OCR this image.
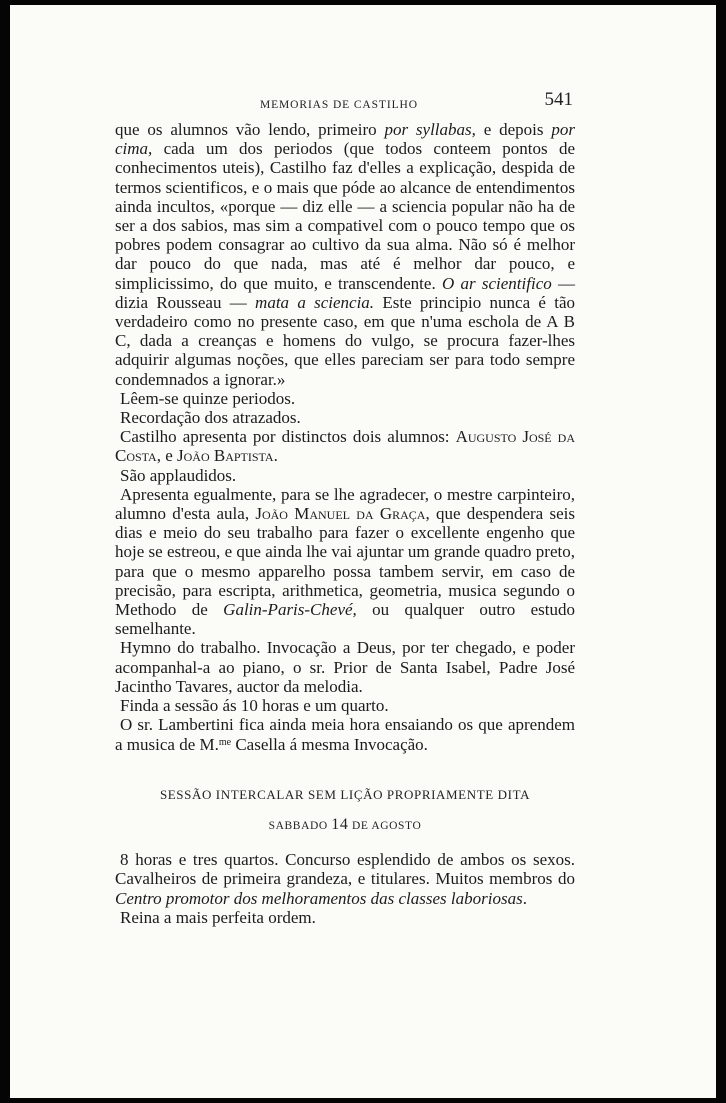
MEMORIAS DE CASTILHO	541

que os alumnos vão lendo, primeiro por syllabas, e depois por cima, cada um dos periodos (que todos conteem pontos de conhecimentos uteis), Castilho faz d'elles a explicação, despida de termos scientificos, e o mais que póde ao alcance de entendimentos ainda incultos, «porque — diz elle — a sciencia popular não ha de ser a dos sabios, mas sim a compativel com o pouco tempo que os pobres podem consagrar ao cultivo da sua alma. Não só é melhor dar pouco do que nada, mas até é melhor dar pouco, e simplicissimo, do que muito, e transcendente. O ar scientifico — dizia Rousseau — mata a sciencia. Este principio nunca é tão verdadeiro como no presente caso, em que n'uma eschola de A B C, dada a creanças e homens do vulgo, se procura fazer-lhes adquirir algumas noções, que elles pareciam ser para todo sempre condemnados a ignorar.»

Lêem-se quinze periodos.

Recordação dos atrazados.

Castilho apresenta por distinctos dois alumnos: Augusto José da Costa, e João Baptista.

São applaudidos.

Apresenta egualmente, para se lhe agradecer, o mestre carpinteiro, alumno d'esta aula, João Manuel da Graça, que despendera seis dias e meio do seu trabalho para fazer o excellente engenho que hoje se estreou, e que ainda lhe vai ajuntar um grande quadro preto, para que o mesmo apparelho possa tambem servir, em caso de precisão, para escripta, arithmetica, geometria, musica segundo o Methodo de Galin-Paris-Chevé, ou qualquer outro estudo semelhante.

Hymno do trabalho. Invocação a Deus, por ter chegado, e poder acompanhal-a ao piano, o sr. Prior de Santa Isabel, Padre José Jacintho Tavares, auctor da melodia.

Finda a sessão ás 10 horas e um quarto.

O sr. Lambertini fica ainda meia hora ensaiando os que aprendem a musica de M.$^{me}$ Casella á mesma Invocação.

SESSÃO INTERCALAR SEM LIÇÃO PROPRIAMENTE DITA
SABBADO 14 DE AGOSTO

8 horas e tres quartos. Concurso esplendido de ambos os sexos. Cavalheiros de primeira grandeza, e titulares. Muitos membros do Centro promotor dos melhoramentos das classes laboriosas.

Reina a mais perfeita ordem.
